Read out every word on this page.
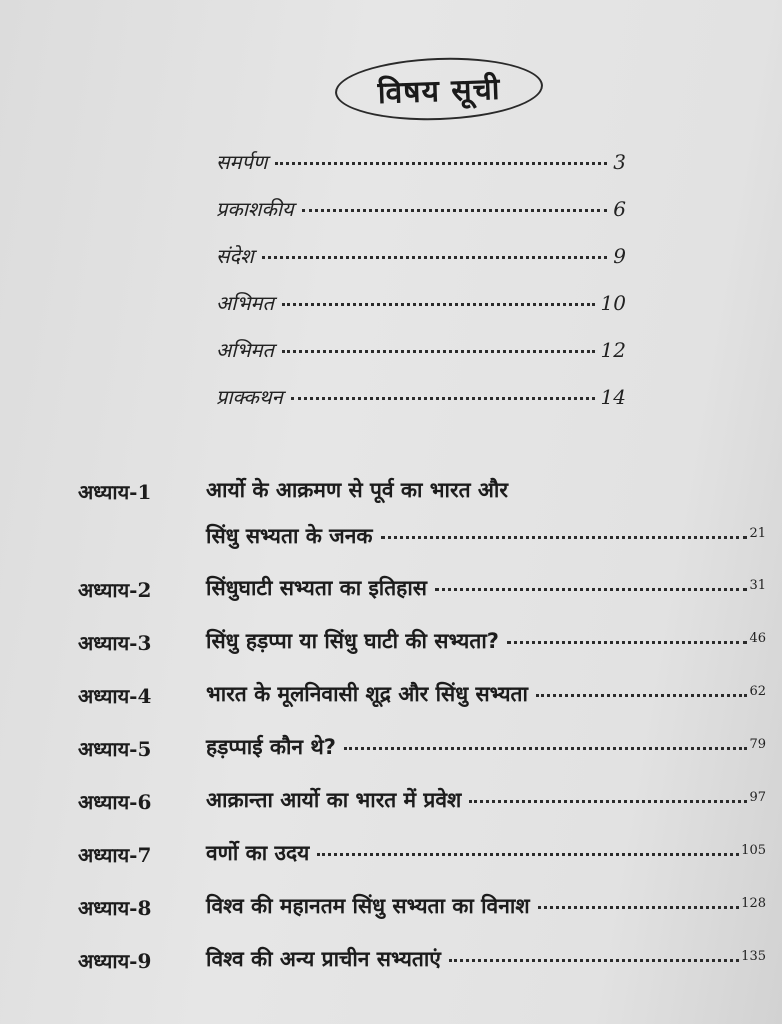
विषय सूची
समर्पण	3
प्रकाशकीय	6
संदेश	9
अभिमत	10
अभिमत	12
प्राक्कथन	14
अध्याय-1	आर्यो के आक्रमण से पूर्व का भारत और
सिंधु सभ्यता के जनक	21
अध्याय-2	सिंधुघाटी सभ्यता का इतिहास	31
अध्याय-3	सिंधु हड़प्पा या सिंधु घाटी की सभ्यता?	46
अध्याय-4	भारत के मूलनिवासी शूद्र और सिंधु सभ्यता	62
अध्याय-5	हड़प्पाई कौन थे?	79
अध्याय-6	आक्रान्ता आर्यो का भारत में प्रवेश	97
अध्याय-7	वर्णो का उदय	105
अध्याय-8	विश्व की महानतम सिंधु सभ्यता का विनाश	128
अध्याय-9	विश्व की अन्य प्राचीन सभ्यताएं	135
